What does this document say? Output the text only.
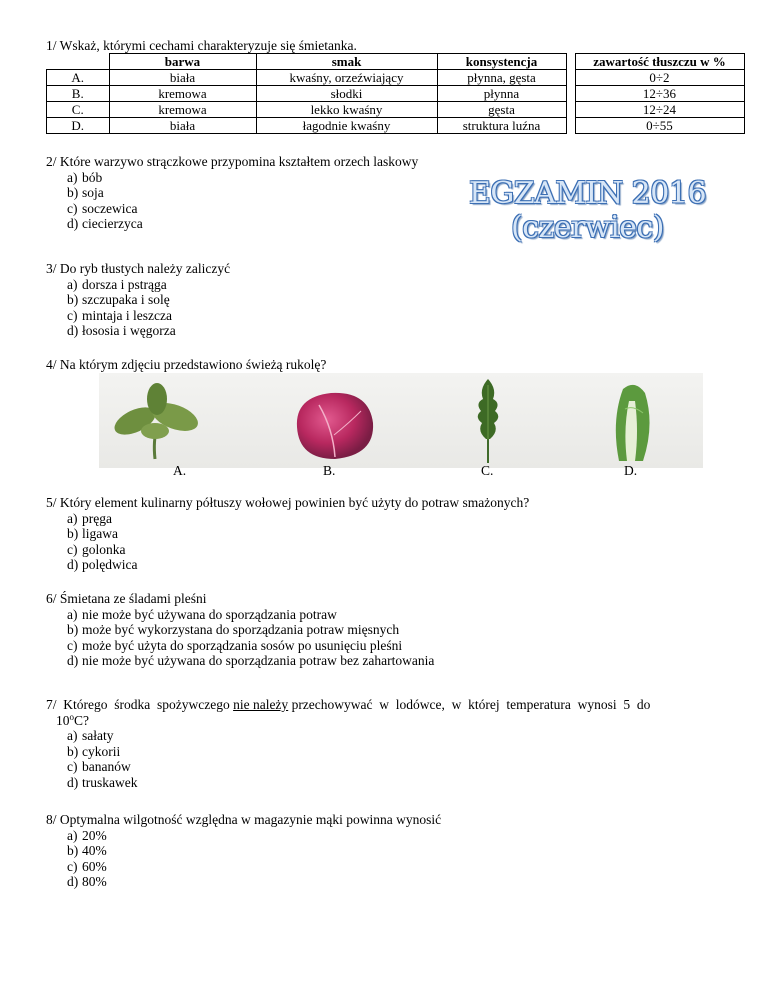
1/ Wskaż, którymi cechami charakteryzuje się śmietanka.
	barwa	smak	konsystencja		zawartość tłuszczu w %
A.	biała	kwaśny, orzeźwiający	płynna, gęsta		0÷2
B.	kremowa	słodki	płynna		12÷36
C.	kremowa	lekko kwaśny	gęsta		12÷24
D.	biała	łagodnie kwaśny	struktura luźna		0÷55
2/ Które warzywo strączkowe przypomina kształtem orzech laskowy
a) bób
b) soja
c) soczewica
d) ciecierzyca
EGZAMIN 2016
(czerwiec)
3/ Do ryb tłustych należy zaliczyć
a) dorsza i pstrąga
b) szczupaka i solę
c) mintaja i leszcza
d) łososia i węgorza
4/ Na którym zdjęciu przedstawiono świeżą rukolę?
A.	B.	C.	D.
5/ Który element kulinarny półtuszy wołowej powinien być użyty do potraw smażonych?
a) pręga
b) ligawa
c) golonka
d) polędwica
6/ Śmietana ze śladami pleśni
a) nie może być używana do sporządzania potraw
b) może być wykorzystana do sporządzania potraw mięsnych
c) może być użyta do sporządzania sosów po usunięciu pleśni
d) nie może być używana do sporządzania potraw bez zahartowania
7/  Którego  środka  spożywczego nie należy przechowywać  w  lodówce,  w  której  temperatura  wynosi  5  do
10$^o$C?
a) sałaty
b) cykorii
c) bananów
d) truskawek
8/ Optymalna wilgotność względna w magazynie mąki powinna wynosić
a) 20%
b) 40%
c) 60%
d) 80%
